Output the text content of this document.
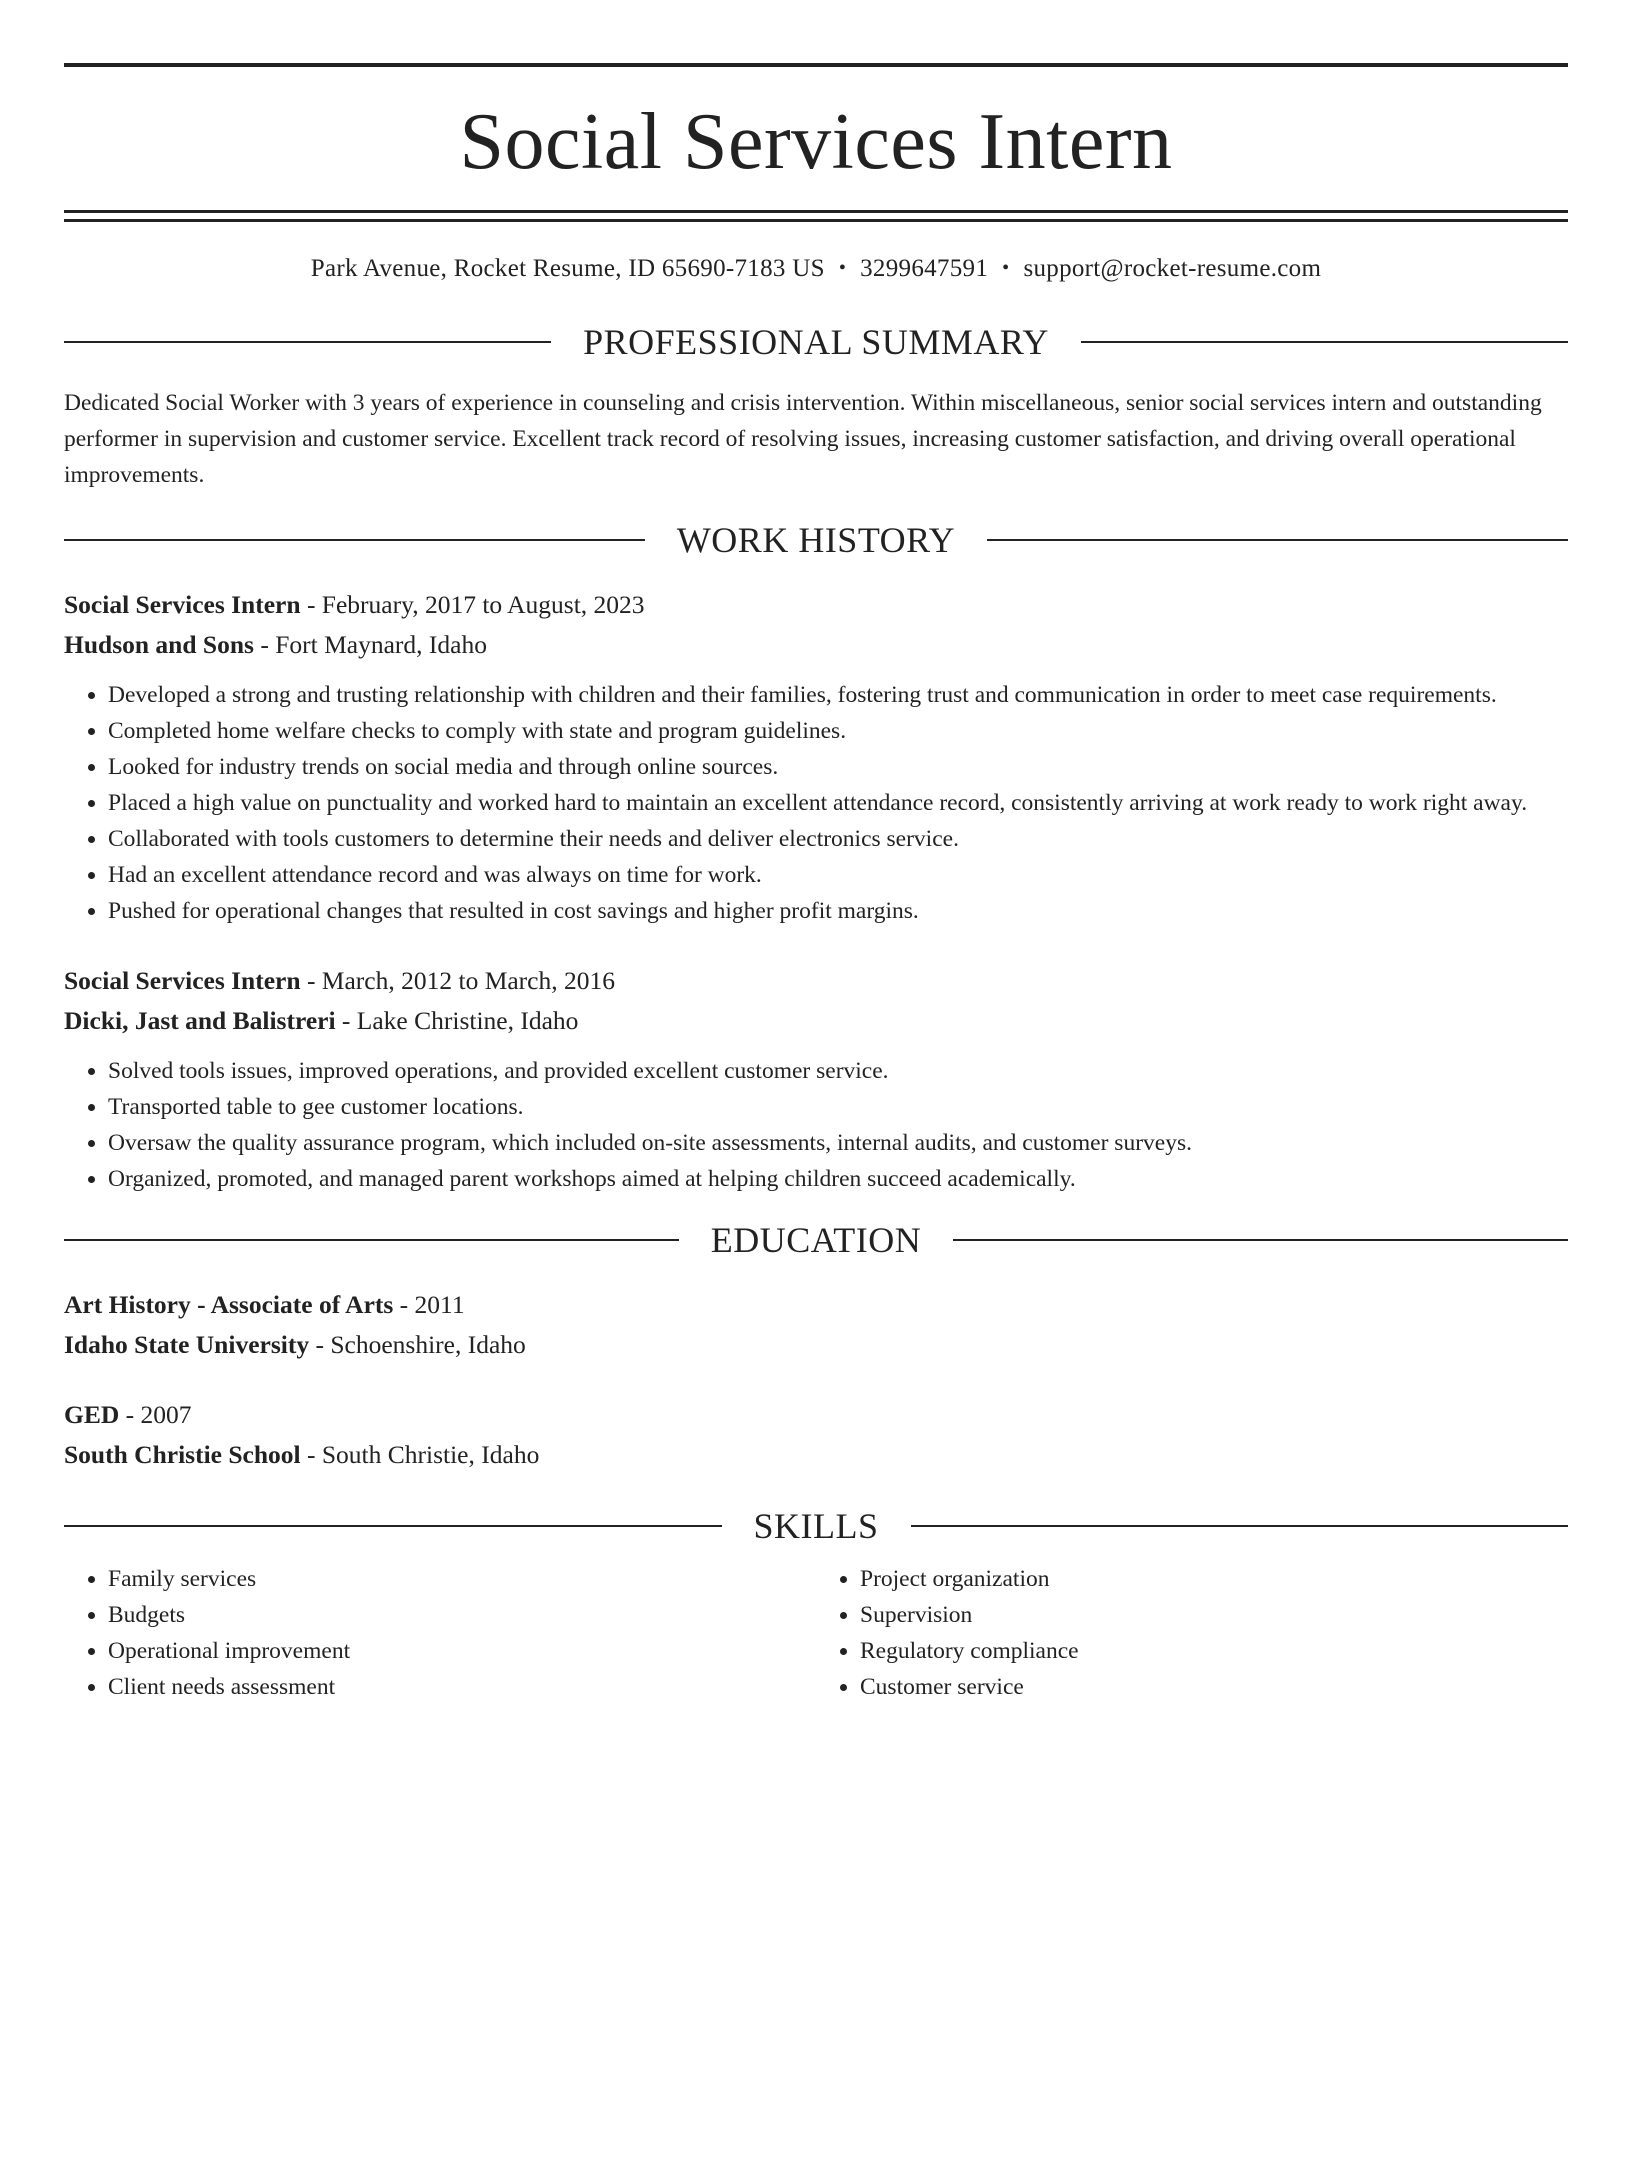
Social Services Intern
Park Avenue, Rocket Resume, ID 65690-7183 US • 3299647591 • support@rocket-resume.com
PROFESSIONAL SUMMARY
Dedicated Social Worker with 3 years of experience in counseling and crisis intervention. Within miscellaneous, senior social services intern and outstanding performer in supervision and customer service. Excellent track record of resolving issues, increasing customer satisfaction, and driving overall operational improvements.
WORK HISTORY
Social Services Intern - February, 2017 to August, 2023
Hudson and Sons - Fort Maynard, Idaho
• Developed a strong and trusting relationship with children and their families, fostering trust and communication in order to meet case requirements.
• Completed home welfare checks to comply with state and program guidelines.
• Looked for industry trends on social media and through online sources.
• Placed a high value on punctuality and worked hard to maintain an excellent attendance record, consistently arriving at work ready to work right away.
• Collaborated with tools customers to determine their needs and deliver electronics service.
• Had an excellent attendance record and was always on time for work.
• Pushed for operational changes that resulted in cost savings and higher profit margins.
Social Services Intern - March, 2012 to March, 2016
Dicki, Jast and Balistreri - Lake Christine, Idaho
• Solved tools issues, improved operations, and provided excellent customer service.
• Transported table to gee customer locations.
• Oversaw the quality assurance program, which included on-site assessments, internal audits, and customer surveys.
• Organized, promoted, and managed parent workshops aimed at helping children succeed academically.
EDUCATION
Art History - Associate of Arts - 2011
Idaho State University - Schoenshire, Idaho
GED - 2007
South Christie School - South Christie, Idaho
SKILLS
• Family services
• Budgets
• Operational improvement
• Client needs assessment
• Project organization
• Supervision
• Regulatory compliance
• Customer service
